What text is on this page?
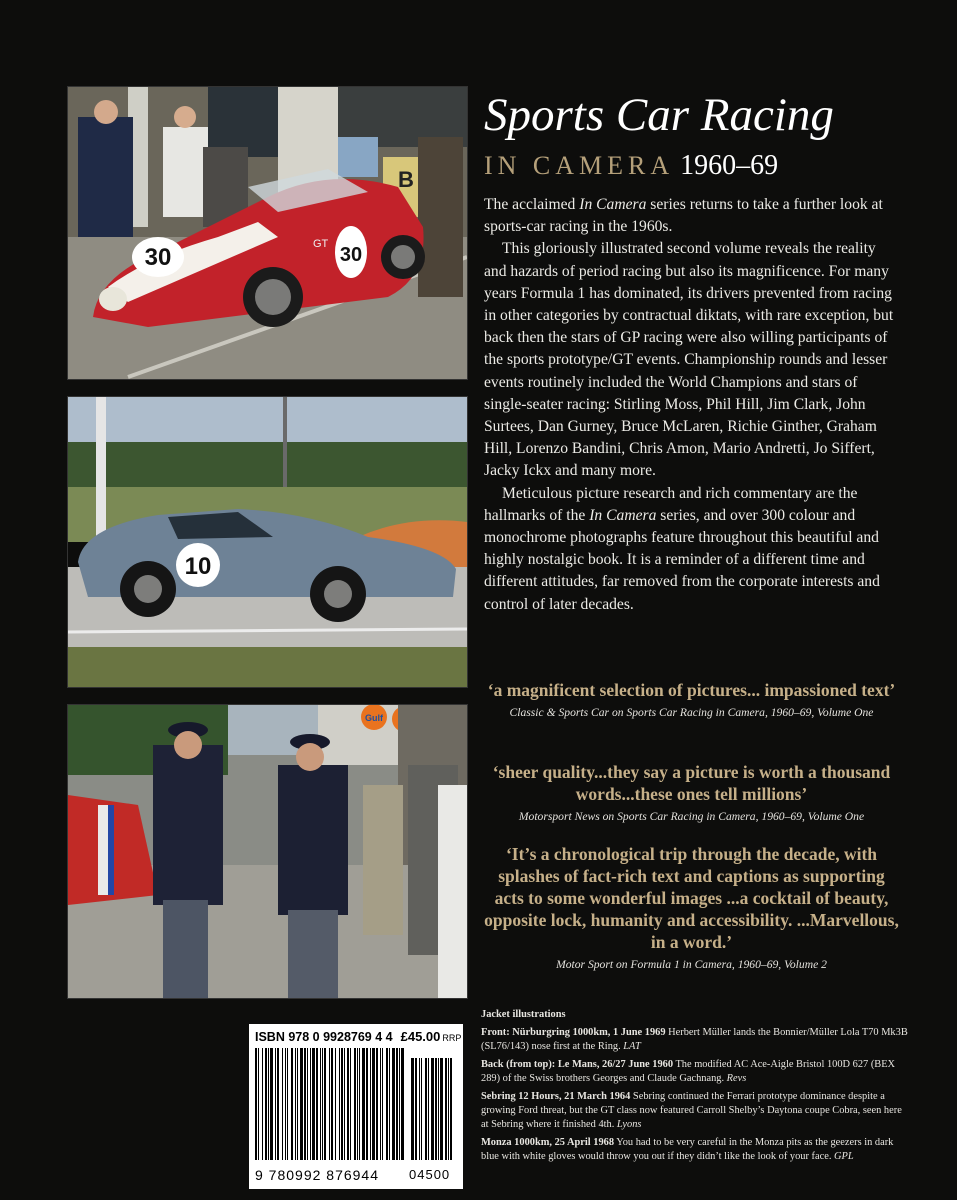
B
30	30
GT
10
Gulf
Sports Car Racing
IN CAMERA 1960–69

The acclaimed In Camera series returns to take a further look at sports-car racing in the 1960s.

This gloriously illustrated second volume reveals the reality and hazards of period racing but also its magnificence. For many years Formula 1 has dominated, its drivers prevented from racing in other categories by contractual diktats, with rare exception, but back then the stars of GP racing were also willing participants of the sports prototype/GT events. Championship rounds and lesser events routinely included the World Champions and stars of single-seater racing: Stirling Moss, Phil Hill, Jim Clark, John Surtees, Dan Gurney, Bruce McLaren, Richie Ginther, Graham Hill, Lorenzo Bandini, Chris Amon, Mario Andretti, Jo Siffert, Jacky Ickx and many more.

Meticulous picture research and rich commentary are the hallmarks of the In Camera series, and over 300 colour and monochrome photographs feature throughout this beautiful and highly nostalgic book. It is a reminder of a different time and different attitudes, far removed from the corporate interests and control of later decades.

‘a magnificent selection of pictures... impassioned text’
Classic & Sports Car on Sports Car Racing in Camera, 1960–69, Volume One
‘sheer quality...they say a picture is worth a thousand words...these ones tell millions’
Motorsport News on Sports Car Racing in Camera, 1960–69, Volume One
‘It’s a chronological trip through the decade, with splashes of fact-rich text and captions as supporting acts to some wonderful images ...a cocktail of beauty, opposite lock, humanity and accessibility. ...Marvellous, in a word.’
Motor Sport on Formula 1 in Camera, 1960–69, Volume 2
ISBN 978 0 9928769 4 4 £45.00 RRP
9 780992 876944 04500
Jacket illustrations

Front: Nürburgring 1000km, 1 June 1969 Herbert Müller lands the Bonnier/Müller Lola T70 Mk3B (SL76/143) nose first at the Ring. LAT

Back (from top): Le Mans, 26/27 June 1960 The modified AC Ace-Aigle Bristol 100D 627 (BEX 289) of the Swiss brothers Georges and Claude Gachnang. Revs

Sebring 12 Hours, 21 March 1964 Sebring continued the Ferrari prototype dominance despite a growing Ford threat, but the GT class now featured Carroll Shelby’s Daytona coupe Cobra, seen here at Sebring where it finished 4th. Lyons

Monza 1000km, 25 April 1968 You had to be very careful in the Monza pits as the geezers in dark blue with white gloves would throw you out if they didn’t like the look of your face. GPL
